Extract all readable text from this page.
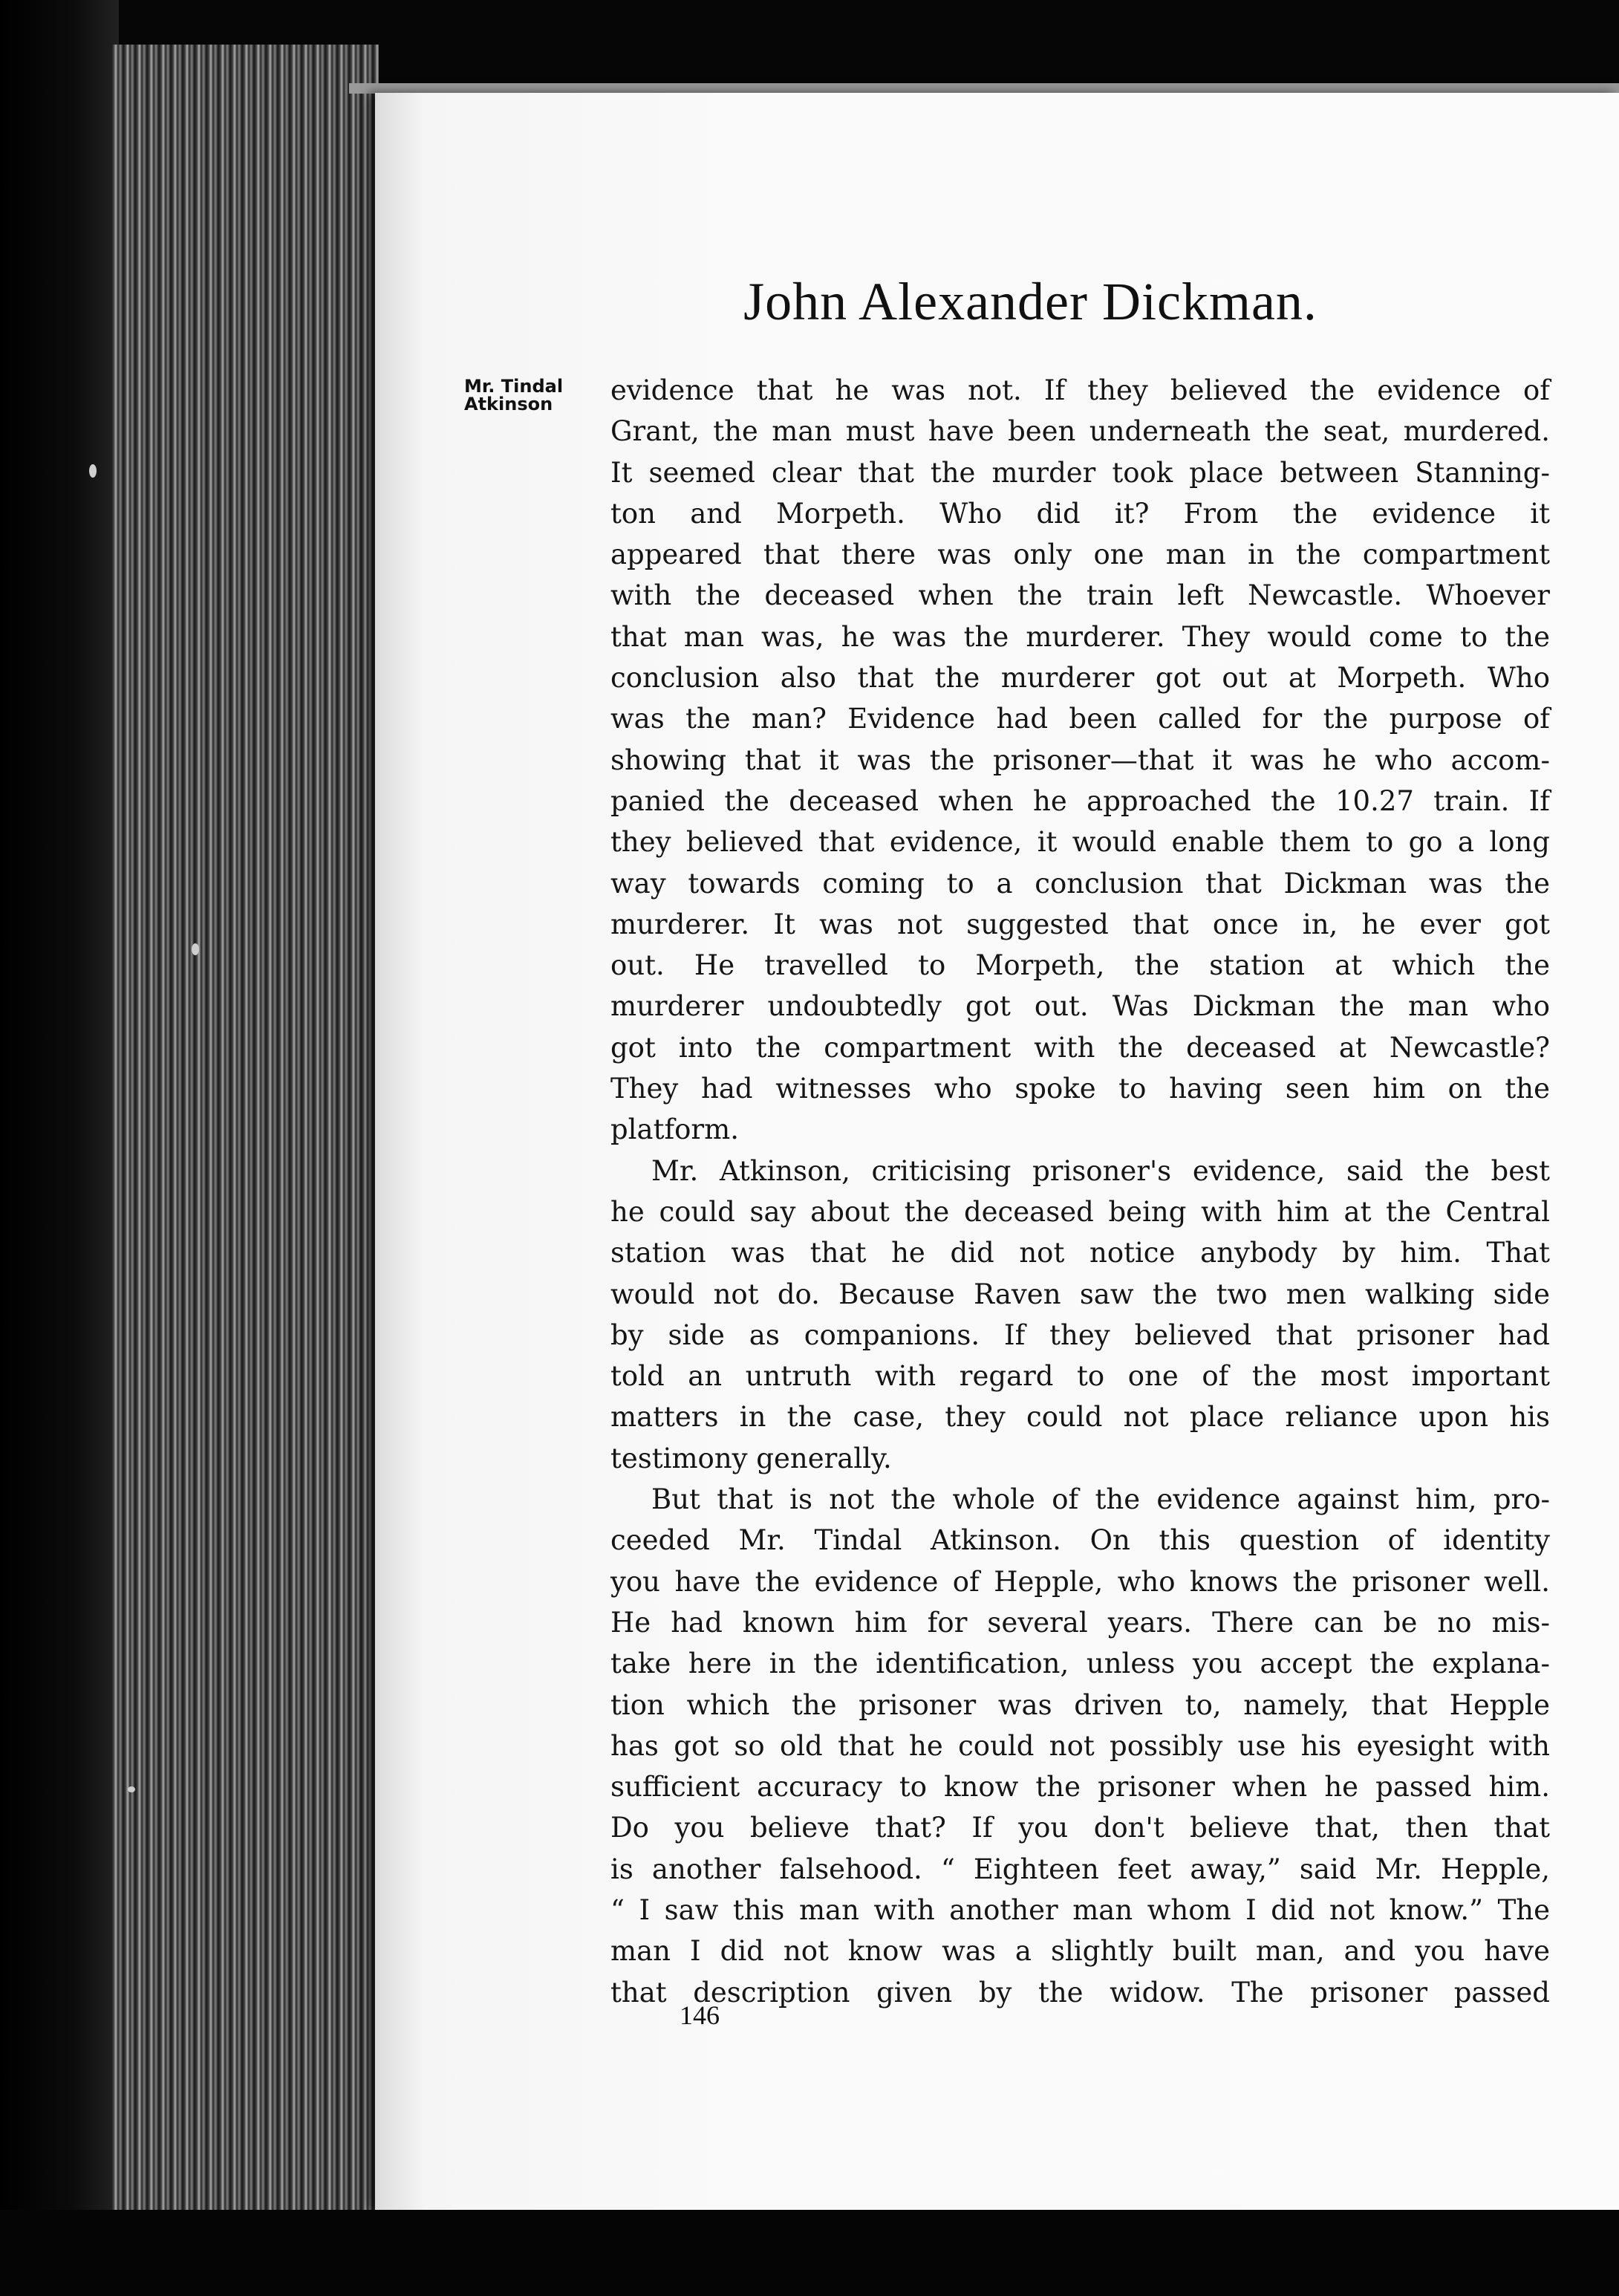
John Alexander Dickman.
Mr. Tindal
Atkinson	evidence that he was not. If they believed the evidence of
Grant, the man must have been underneath the seat, murdered.
It seemed clear that the murder took place between Stanning-
ton and Morpeth. Who did it? From the evidence it
appeared that there was only one man in the compartment
with the deceased when the train left Newcastle. Whoever
that man was, he was the murderer. They would come to the
conclusion also that the murderer got out at Morpeth. Who
was the man? Evidence had been called for the purpose of
showing that it was the prisoner—that it was he who accom-
panied the deceased when he approached the 10.27 train. If
they believed that evidence, it would enable them to go a long
way towards coming to a conclusion that Dickman was the
murderer. It was not suggested that once in, he ever got
out. He travelled to Morpeth, the station at which the
murderer undoubtedly got out. Was Dickman the man who
got into the compartment with the deceased at Newcastle?
They had witnesses who spoke to having seen him on the
platform.
Mr. Atkinson, criticising prisoner's evidence, said the best
he could say about the deceased being with him at the Central
station was that he did not notice anybody by him. That
would not do. Because Raven saw the two men walking side
by side as companions. If they believed that prisoner had
told an untruth with regard to one of the most important
matters in the case, they could not place reliance upon his
testimony generally.
But that is not the whole of the evidence against him, pro-
ceeded Mr. Tindal Atkinson. On this question of identity
you have the evidence of Hepple, who knows the prisoner well.
He had known him for several years. There can be no mis-
take here in the identification, unless you accept the explana-
tion which the prisoner was driven to, namely, that Hepple
has got so old that he could not possibly use his eyesight with
sufficient accuracy to know the prisoner when he passed him.
Do you believe that? If you don't believe that, then that
is another falsehood. “ Eighteen feet away,” said Mr. Hepple,
“ I saw this man with another man whom I did not know.” The
man I did not know was a slightly built man, and you have
that description given by the widow. The prisoner passed
146
